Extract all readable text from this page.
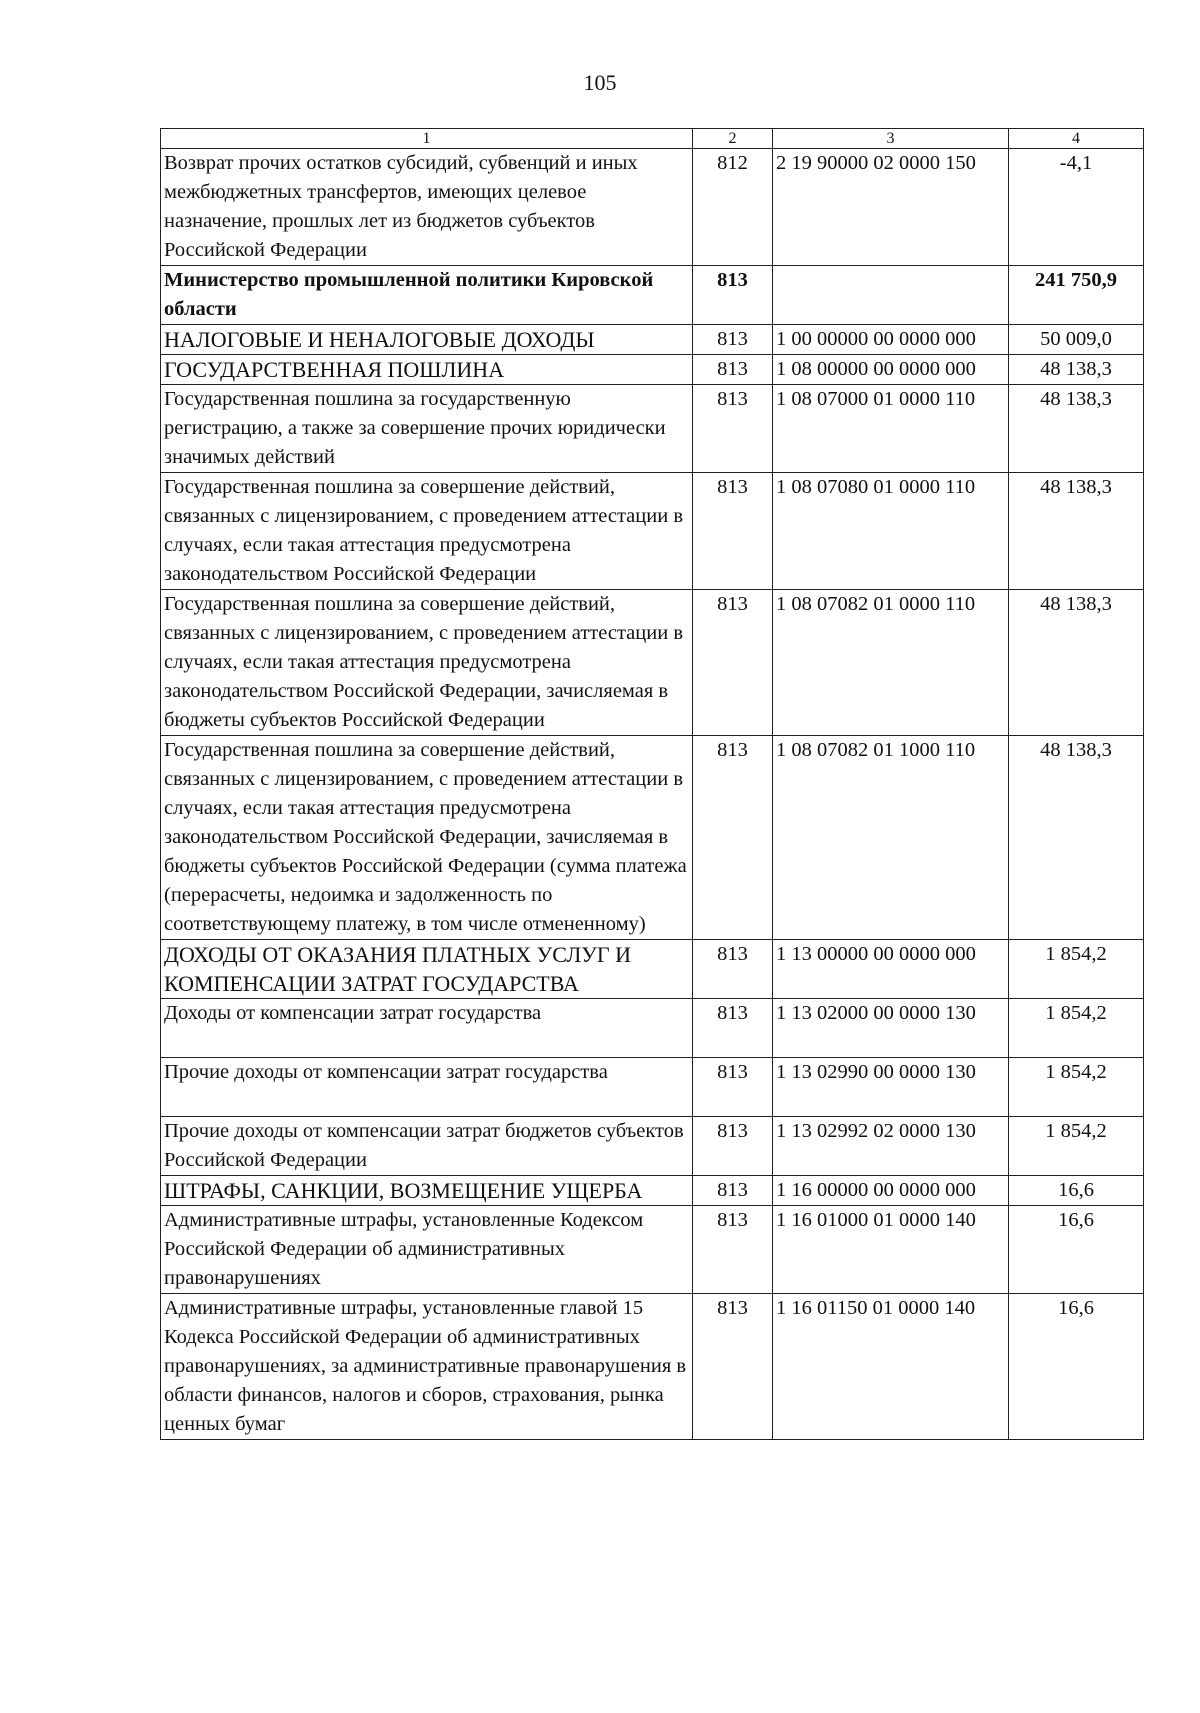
105
1	2	3	4
Возврат прочих остатков субсидий, субвенций и иных межбюджетных трансфертов, имеющих целевое назначение, прошлых лет из бюджетов субъектов Российской Федерации	812	2 19 90000 02 0000 150	-4,1
Министерство промышленной политики Кировской области	813		241 750,9
НАЛОГОВЫЕ И НЕНАЛОГОВЫЕ ДОХОДЫ	813	1 00 00000 00 0000 000	50 009,0
ГОСУДАРСТВЕННАЯ ПОШЛИНА	813	1 08 00000 00 0000 000	48 138,3
Государственная пошлина за государственную регистрацию, а также за совершение прочих юридически значимых действий	813	1 08 07000 01 0000 110	48 138,3
Государственная пошлина за совершение действий, связанных с лицензированием, с проведением аттестации в случаях, если такая аттестация предусмотрена законодательством Российской Федерации	813	1 08 07080 01 0000 110	48 138,3
Государственная пошлина за совершение действий, связанных с лицензированием, с проведением аттестации в случаях, если такая аттестация предусмотрена законодательством Российской Федерации, зачисляемая в бюджеты субъектов Российской Федерации	813	1 08 07082 01 0000 110	48 138,3
Государственная пошлина за совершение действий, связанных с лицензированием, с проведением аттестации в случаях, если такая аттестация предусмотрена законодательством Российской Федерации, зачисляемая в бюджеты субъектов Российской Федерации (сумма платежа (перерасчеты, недоимка и задолженность по соответствующему платежу, в том числе отмененному)	813	1 08 07082 01 1000 110	48 138,3
ДОХОДЫ ОТ ОКАЗАНИЯ ПЛАТНЫХ УСЛУГ И КОМПЕНСАЦИИ ЗАТРАТ ГОСУДАРСТВА	813	1 13 00000 00 0000 000	1 854,2
Доходы от компенсации затрат государства	813	1 13 02000 00 0000 130	1 854,2
Прочие доходы от компенсации затрат государства	813	1 13 02990 00 0000 130	1 854,2
Прочие доходы от компенсации затрат бюджетов субъектов Российской Федерации	813	1 13 02992 02 0000 130	1 854,2
ШТРАФЫ, САНКЦИИ, ВОЗМЕЩЕНИЕ УЩЕРБА	813	1 16 00000 00 0000 000	16,6
Административные штрафы, установленные Кодексом Российской Федерации об административных правонарушениях	813	1 16 01000 01 0000 140	16,6
Административные штрафы, установленные главой 15 Кодекса Российской Федерации об административных правонарушениях, за административные правонарушения в области финансов, налогов и сборов, страхования, рынка ценных бумаг	813	1 16 01150 01 0000 140	16,6
